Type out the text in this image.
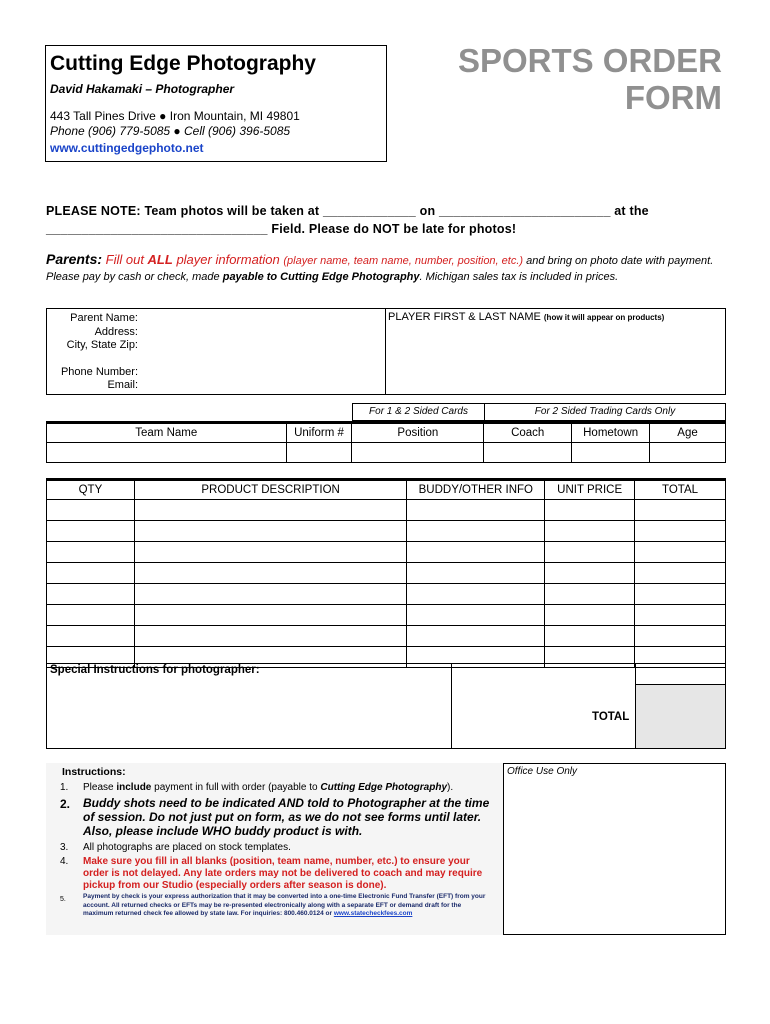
Cutting Edge Photography
David Hakamaki – Photographer
443 Tall Pines Drive ● Iron Mountain, MI 49801
Phone (906) 779-5085 ● Cell (906) 396-5085
www.cuttingedgephoto.net
SPORTS ORDER
FORM
PLEASE NOTE: Team photos will be taken at _____________ on ________________________ at the
_______________________________ Field. Please do NOT be late for photos!
Parents: Fill out ALL player information (player name, team name, number, position, etc.) and bring on photo date with payment. Please pay by cash or check, made payable to Cutting Edge Photography. Michigan sales tax is included in prices.
Parent Name:
Address:
City, State Zip:
Phone Number:
Email:
PLAYER FIRST & LAST NAME (how it will appear on products)
For 1 & 2 Sided Cards	For 2 Sided Trading Cards Only
Team Name	Uniform #	Position	Coach	Hometown	Age

QTY	PRODUCT DESCRIPTION	BUDDY/OTHER INFO	UNIT PRICE	TOTAL

Special Instructions for photographer:
TOTAL
Office Use Only
Instructions:
1. Please include payment in full with order (payable to Cutting Edge Photography).
2. Buddy shots need to be indicated AND told to Photographer at the time of session. Do not just put on form, as we do not see forms until later. Also, please include WHO buddy product is with.
3. All photographs are placed on stock templates.
4. Make sure you fill in all blanks (position, team name, number, etc.) to ensure your order is not delayed. Any late orders may not be delivered to coach and may require pickup from our Studio (especially orders after season is done).
5.	Payment by check is your express authorization that it may be converted into a one-time Electronic Fund Transfer (EFT) from your account. All returned checks or EFTs may be re-presented electronically along with a separate EFT or demand draft for the maximum returned check fee allowed by state law. For inquiries: 800.460.0124 or www.statecheckfees.com
